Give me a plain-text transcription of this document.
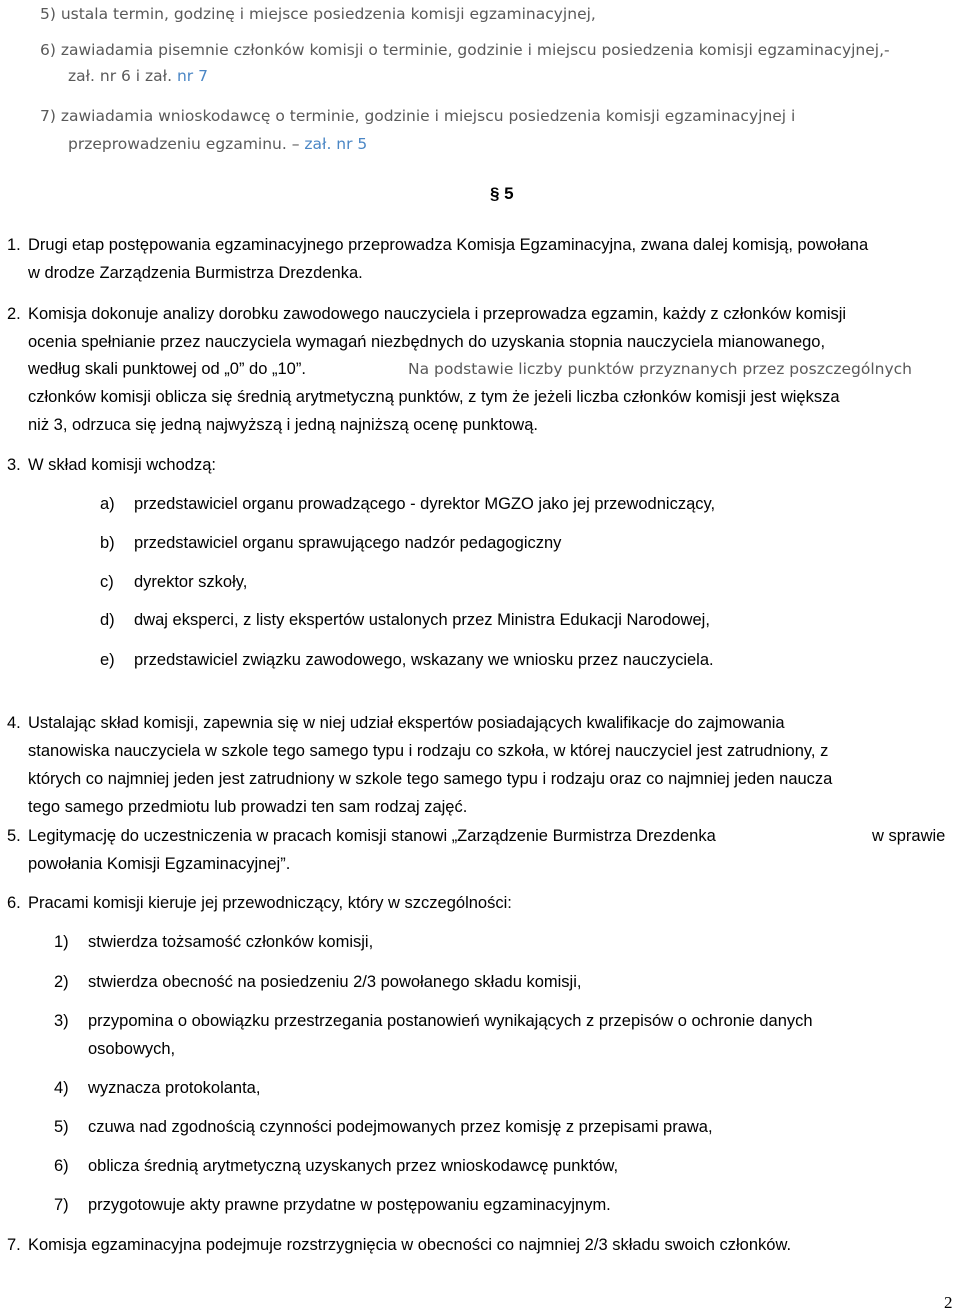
5) ustala termin, godzinę i miejsce posiedzenia komisji egzaminacyjnej,
6) zawiadamia pisemnie członków komisji o terminie, godzinie i miejscu posiedzenia komisji egzaminacyjnej,-
zał. nr 6 i zał. nr 7
7) zawiadamia wnioskodawcę o terminie, godzinie i miejscu posiedzenia komisji egzaminacyjnej i
przeprowadzeniu egzaminu. – zał. nr 5
§ 5
1. Drugi etap postępowania egzaminacyjnego przeprowadza Komisja Egzaminacyjna, zwana dalej komisją, powołana
w drodze Zarządzenia Burmistrza Drezdenka.
2. Komisja dokonuje analizy dorobku zawodowego nauczyciela i przeprowadza egzamin, każdy z członków komisji
ocenia spełnianie przez nauczyciela wymagań niezbędnych do uzyskania stopnia nauczyciela mianowanego,
według skali punktowej od „0” do „10”.	Na podstawie liczby punktów przyznanych przez poszczególnych
członków komisji oblicza się średnią arytmetyczną punktów, z tym że jeżeli liczba członków komisji jest większa
niż 3, odrzuca się jedną najwyższą i jedną najniższą ocenę punktową.
3. W skład komisji wchodzą:
a) przedstawiciel organu prowadzącego - dyrektor MGZO jako jej przewodniczący,
b) przedstawiciel organu sprawującego nadzór pedagogiczny
c) dyrektor szkoły,
d) dwaj eksperci, z listy ekspertów ustalonych przez Ministra Edukacji Narodowej,
e) przedstawiciel związku zawodowego, wskazany we wniosku przez nauczyciela.
4. Ustalając skład komisji, zapewnia się w niej udział ekspertów posiadających kwalifikacje do zajmowania
stanowiska nauczyciela w szkole tego samego typu i rodzaju co szkoła, w której nauczyciel jest zatrudniony, z
których co najmniej jeden jest zatrudniony w szkole tego samego typu i rodzaju oraz co najmniej jeden naucza
tego samego przedmiotu lub prowadzi ten sam rodzaj zajęć.
5. Legitymację do uczestniczenia w pracach komisji stanowi „Zarządzenie Burmistrza Drezdenka	w sprawie
powołania Komisji Egzaminacyjnej”.
6. Pracami komisji kieruje jej przewodniczący, który w szczególności:
1) stwierdza tożsamość członków komisji,
2) stwierdza obecność na posiedzeniu 2/3 powołanego składu komisji,
3) przypomina o obowiązku przestrzegania postanowień wynikających z przepisów o ochronie danych
osobowych,
4) wyznacza protokolanta,
5) czuwa nad zgodnością czynności podejmowanych przez komisję z przepisami prawa,
6) oblicza średnią arytmetyczną uzyskanych przez wnioskodawcę punktów,
7) przygotowuje akty prawne przydatne w postępowaniu egzaminacyjnym.
7. Komisja egzaminacyjna podejmuje rozstrzygnięcia w obecności co najmniej 2/3 składu swoich członków.
2
